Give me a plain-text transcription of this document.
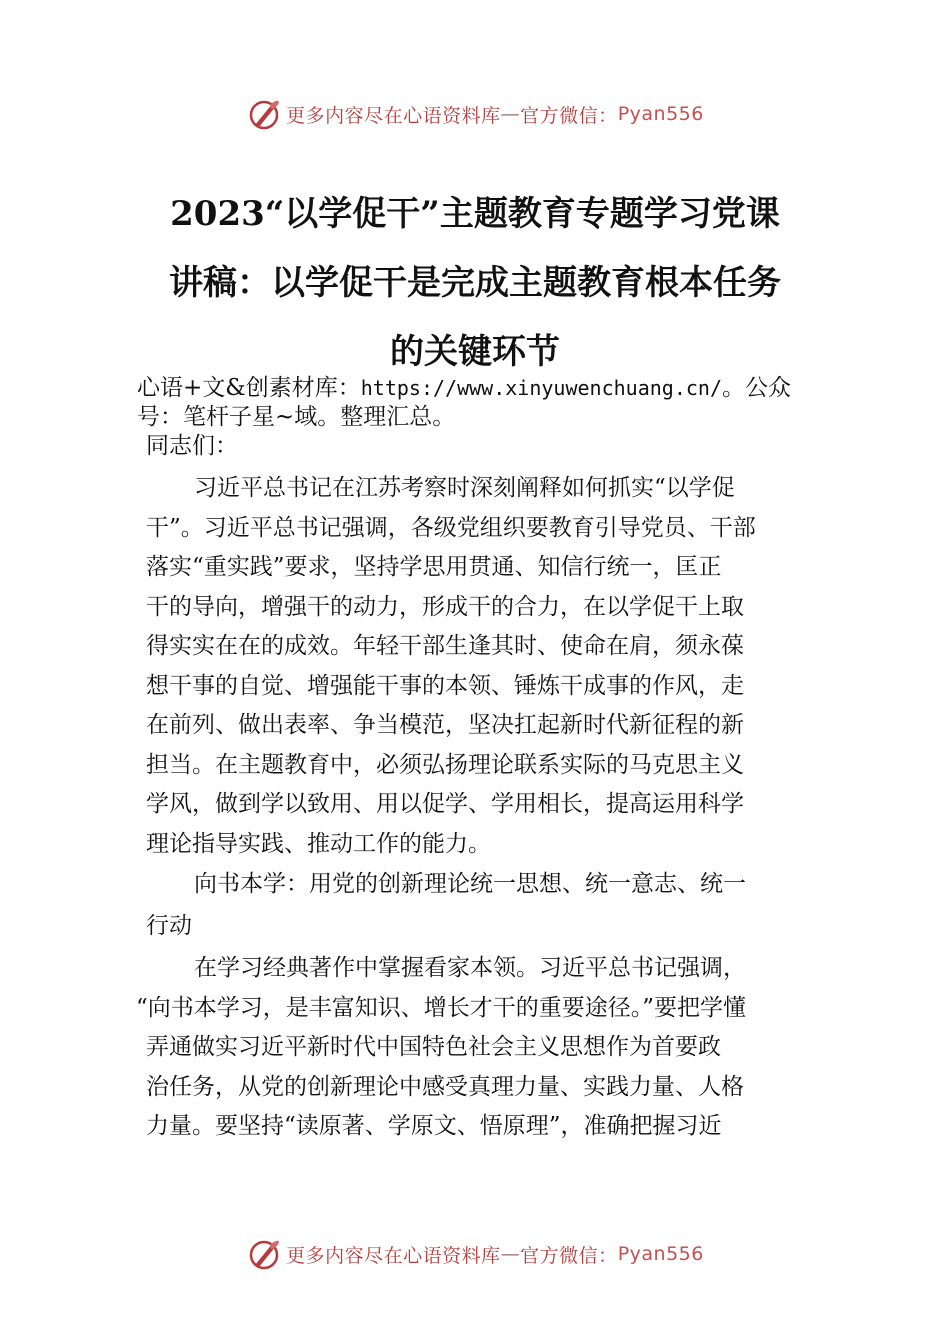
更多内容尽在心语资料库 — 官方微信： Pyan556
2023“以学促干”主题教育专题学习党课
讲稿：以学促干是完成主题教育根本任务
的关键环节

心语+文&创素材库：https://www.xinyuwenchuang.cn/。公众
号：笔杆子星~域。整理汇总。

同志们：

习近平总书记在江苏考察时深刻阐释如何抓实“以学促
干”。习近平总书记强调，各级党组织要教育引导党员、干部
落实“重实践”要求，坚持学思用贯通、知信行统一，匡正
干的导向，增强干的动力，形成干的合力，在以学促干上取
得实实在在的成效。年轻干部生逢其时、使命在肩，须永葆
想干事的自觉、增强能干事的本领、锤炼干成事的作风，走
在前列、做出表率、争当模范，坚决扛起新时代新征程的新
担当。在主题教育中，必须弘扬理论联系实际的马克思主义
学风，做到学以致用、用以促学、学用相长，提高运用科学
理论指导实践、推动工作的能力。

向书本学：用党的创新理论统一思想、统一意志、统一
行动

在学习经典著作中掌握看家本领。习近平总书记强调，
“向书本学习，是丰富知识、增长才干的重要途径。”要把学懂
弄通做实习近平新时代中国特色社会主义思想作为首要政
治任务，从党的创新理论中感受真理力量、实践力量、人格
力量。要坚持“读原著、学原文、悟原理”，准确把握习近

更多内容尽在心语资料库 — 官方微信： Pyan556
